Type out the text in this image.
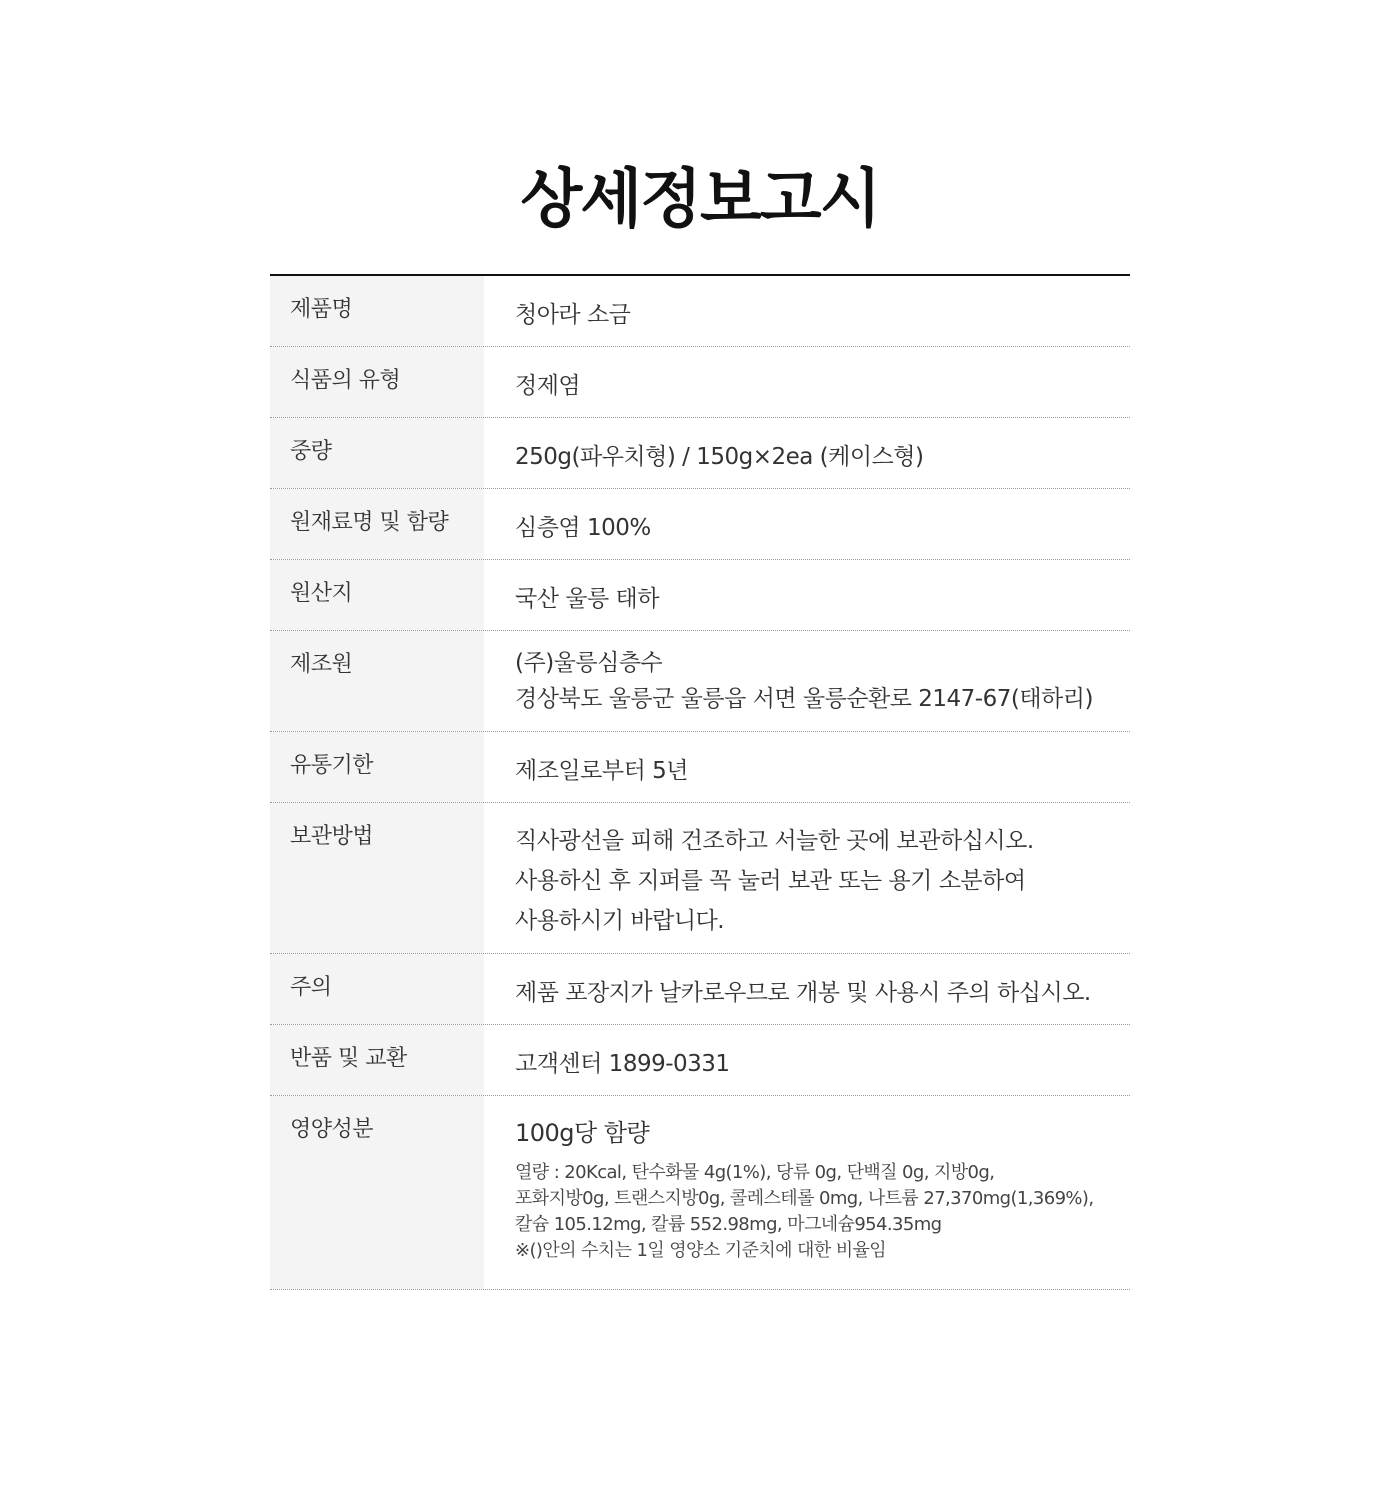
상세정보고시
제품명	청아라 소금
식품의 유형	정제염
중량	250g(파우치형) / 150g×2ea (케이스형)
원재료명 및 함량	심층염 100%
원산지	국산 울릉 태하
제조원	(주)울릉심층수
경상북도 울릉군 울릉읍 서면 울릉순환로 2147-67(태하리)
유통기한	제조일로부터 5년
보관방법	직사광선을 피해 건조하고 서늘한 곳에 보관하십시오.
사용하신 후 지퍼를 꼭 눌러 보관 또는 용기 소분하여
사용하시기 바랍니다.
주의	제품 포장지가 날카로우므로 개봉 및 사용시 주의 하십시오.
반품 및 교환	고객센터 1899-0331
영양성분	100g당 함량
열량 : 20Kcal, 탄수화물 4g(1%), 당류 0g, 단백질 0g, 지방0g,
포화지방0g, 트랜스지방0g, 콜레스테롤 0mg, 나트륨 27,370mg(1,369%),
칼슘 105.12mg, 칼륨 552.98mg, 마그네슘954.35mg
※()안의 수치는 1일 영양소 기준치에 대한 비율임
